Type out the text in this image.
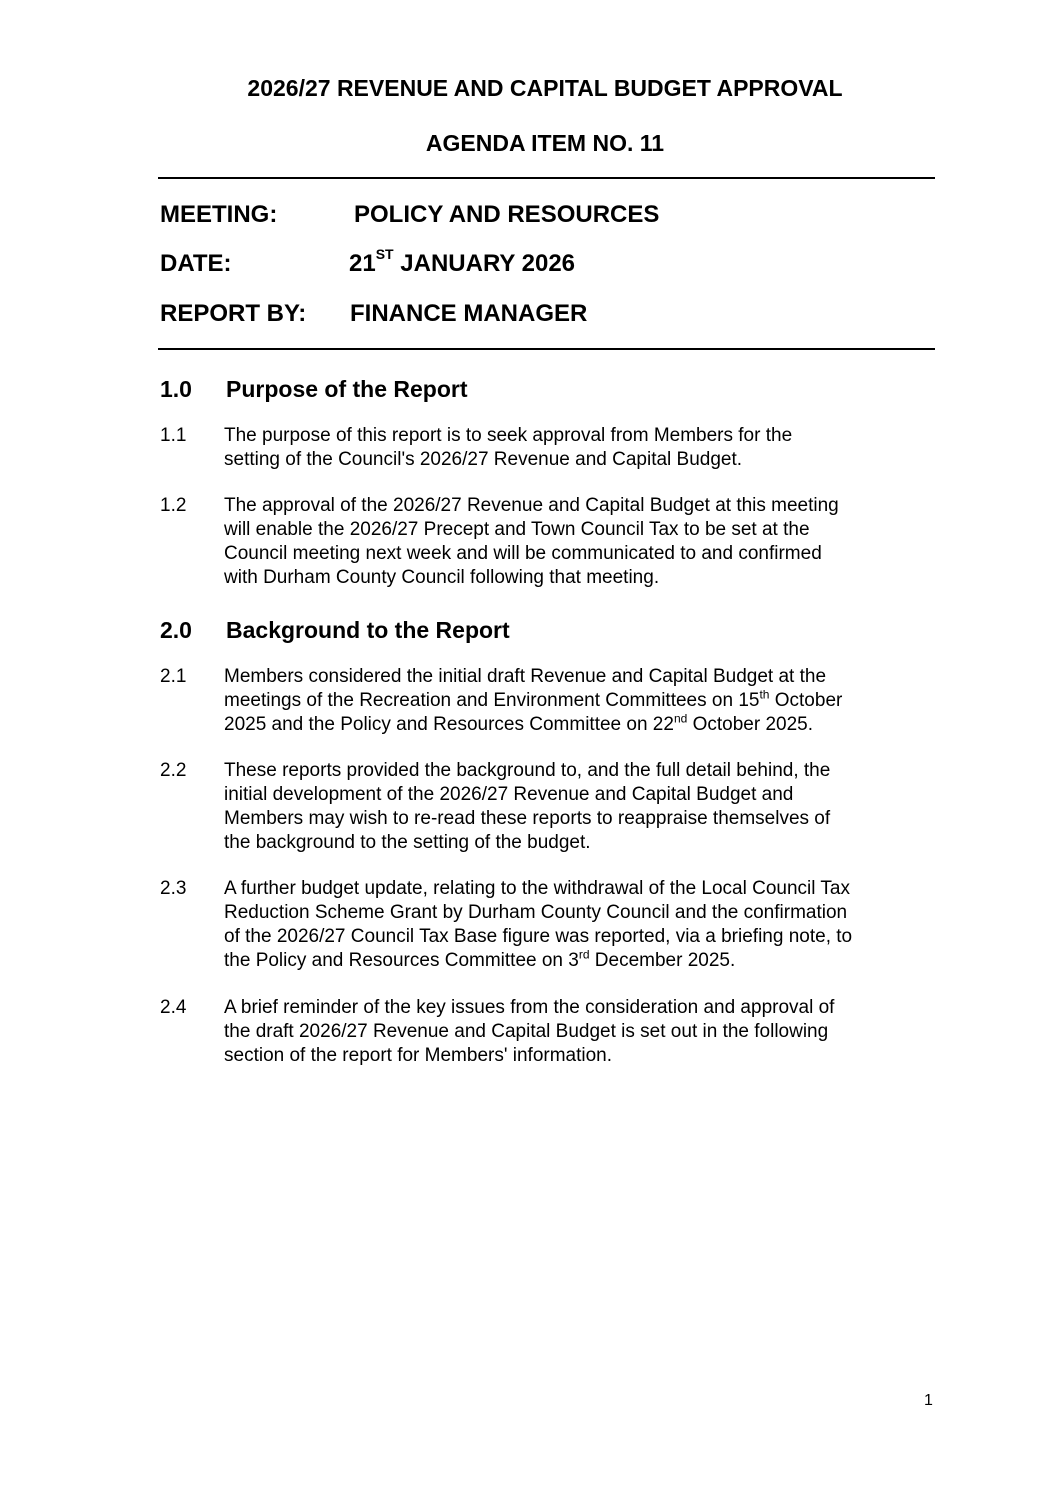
2026/27 REVENUE AND CAPITAL BUDGET APPROVAL
AGENDA ITEM NO. 11
MEETING:	POLICY AND RESOURCES
DATE:	21ST JANUARY 2026
REPORT BY: FINANCE MANAGER
1.0 Purpose of the Report
1.1 The purpose of this report is to seek approval from Members for the
setting of the Council's 2026/27 Revenue and Capital Budget.
1.2 The approval of the 2026/27 Revenue and Capital Budget at this meeting
will enable the 2026/27 Precept and Town Council Tax to be set at the
Council meeting next week and will be communicated to and confirmed
with Durham County Council following that meeting.
2.0 Background to the Report
2.1 Members considered the initial draft Revenue and Capital Budget at the
meetings of the Recreation and Environment Committees on 15th October
2025 and the Policy and Resources Committee on 22nd October 2025.
2.2 These reports provided the background to, and the full detail behind, the
initial development of the 2026/27 Revenue and Capital Budget and
Members may wish to re-read these reports to reappraise themselves of
the background to the setting of the budget.
2.3 A further budget update, relating to the withdrawal of the Local Council Tax
Reduction Scheme Grant by Durham County Council and the confirmation
of the 2026/27 Council Tax Base figure was reported, via a briefing note, to
the Policy and Resources Committee on 3rd December 2025.
2.4 A brief reminder of the key issues from the consideration and approval of
the draft 2026/27 Revenue and Capital Budget is set out in the following
section of the report for Members' information.
1
